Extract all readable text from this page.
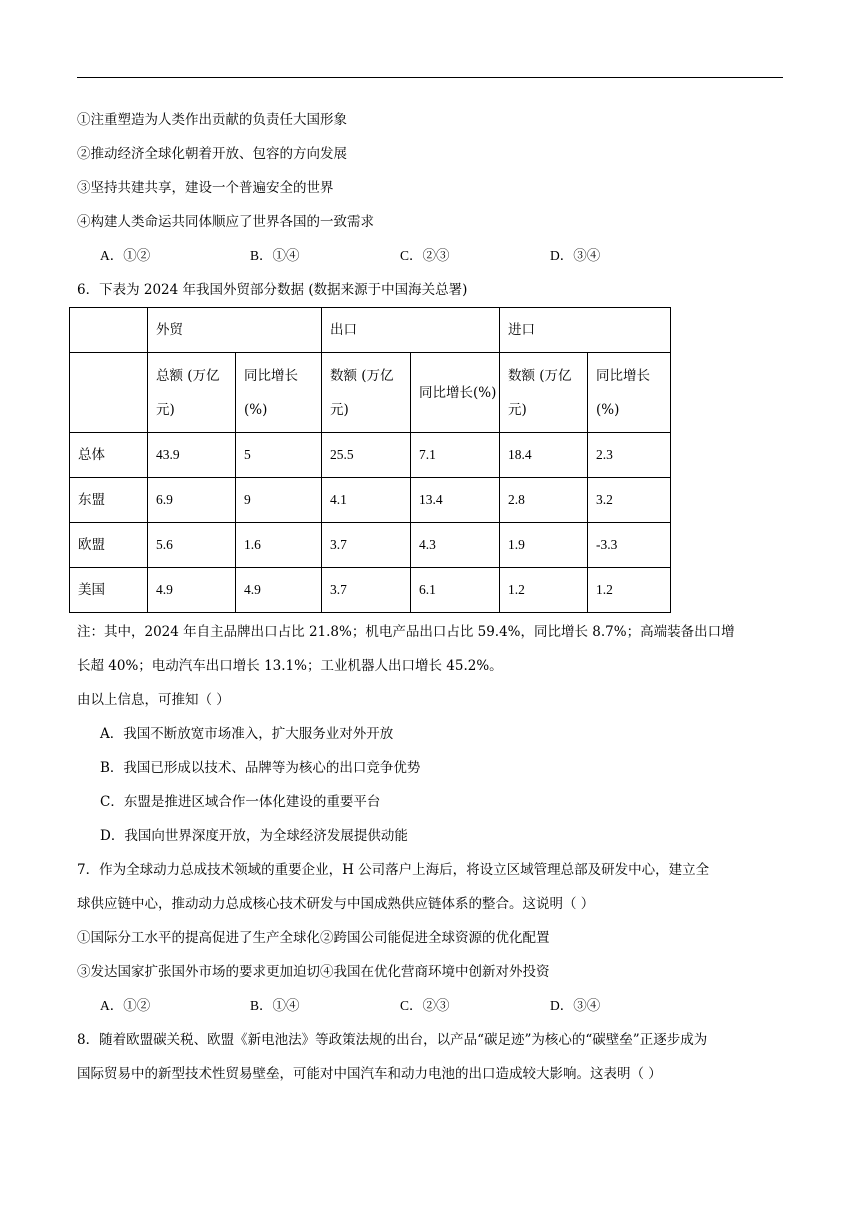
①注重塑造为人类作出贡献的负责任大国形象
②推动经济全球化朝着开放、包容的方向发展
③坚持共建共享，建设一个普遍安全的世界
④构建人类命运共同体顺应了世界各国的一致需求
A．①②	B．①④	C．②③	D．③④
6．下表为 2024 年我国外贸部分数据 (数据来源于中国海关总署)
	外贸		出口		进口	
	总额 (万亿元)	同比增长(%)	数额 (万亿元)	同比增长(%)	数额 (万亿元)	同比增长(%)
总体	43.9	5	25.5	7.1	18.4	2.3
东盟	6.9	9	4.1	13.4	2.8	3.2
欧盟	5.6	1.6	3.7	4.3	1.9	-3.3
美国	4.9	4.9	3.7	6.1	1.2	1.2
注：其中，2024 年自主品牌出口占比 21.8%；机电产品出口占比 59.4%，同比增长 8.7%；高端装备出口增
长超 40%；电动汽车出口增长 13.1%；工业机器人出口增长 45.2%。
由以上信息，可推知（ ）
A．我国不断放宽市场准入，扩大服务业对外开放
B．我国已形成以技术、品牌等为核心的出口竞争优势
C．东盟是推进区域合作一体化建设的重要平台
D．我国向世界深度开放，为全球经济发展提供动能
7．作为全球动力总成技术领域的重要企业，H 公司落户上海后，将设立区域管理总部及研发中心，建立全
球供应链中心，推动动力总成核心技术研发与中国成熟供应链体系的整合。这说明（ ）
①国际分工水平的提高促进了生产全球化②跨国公司能促进全球资源的优化配置
③发达国家扩张国外市场的要求更加迫切④我国在优化营商环境中创新对外投资
A．①②	B．①④	C．②③	D．③④
8．随着欧盟碳关税、欧盟《新电池法》等政策法规的出台，以产品“碳足迹”为核心的“碳壁垒”正逐步成为
国际贸易中的新型技术性贸易壁垒，可能对中国汽车和动力电池的出口造成较大影响。这表明（ ）
